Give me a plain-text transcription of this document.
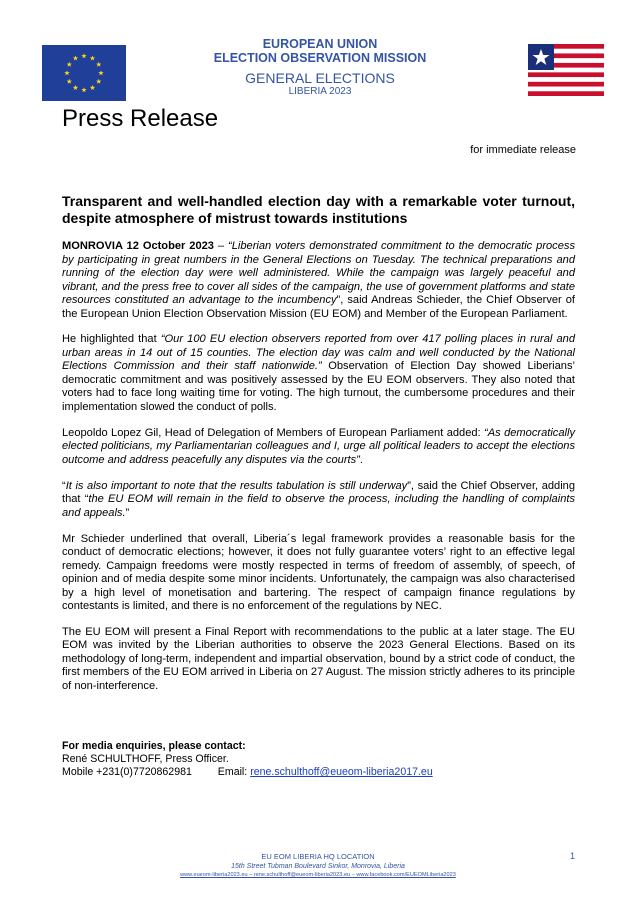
EUROPEAN UNION
ELECTION OBSERVATION MISSION
GENERAL ELECTIONS
LIBERIA 2023
Press Release
for immediate release
Transparent and well-handled election day with a remarkable voter turnout, despite atmosphere of mistrust towards institutions

MONROVIA 12 October 2023 – “Liberian voters demonstrated commitment to the democratic process by participating in great numbers in the General Elections on Tuesday. The technical preparations and running of the election day were well administered. While the campaign was largely peaceful and vibrant, and the press free to cover all sides of the campaign, the use of government platforms and state resources constituted an advantage to the incumbency”, said Andreas Schieder, the Chief Observer of the European Union Election Observation Mission (EU EOM) and Member of the European Parliament.

He highlighted that “Our 100 EU election observers reported from over 417 polling places in rural and urban areas in 14 out of 15 counties. The election day was calm and well conducted by the National Elections Commission and their staff nationwide.” Observation of Election Day showed Liberians’ democratic commitment and was positively assessed by the EU EOM observers. They also noted that voters had to face long waiting time for voting. The high turnout, the cumbersome procedures and their implementation slowed the conduct of polls.

Leopoldo Lopez Gil, Head of Delegation of Members of European Parliament added: “As democratically elected politicians, my Parliamentarian colleagues and I, urge all political leaders to accept the elections outcome and address peacefully any disputes via the courts”.

“It is also important to note that the results tabulation is still underway”, said the Chief Observer, adding that “the EU EOM will remain in the field to observe the process, including the handling of complaints and appeals.”

Mr Schieder underlined that overall, Liberia´s legal framework provides a reasonable basis for the conduct of democratic elections; however, it does not fully guarantee voters’ right to an effective legal remedy. Campaign freedoms were mostly respected in terms of freedom of assembly, of speech, of opinion and of media despite some minor incidents. Unfortunately, the campaign was also characterised by a high level of monetisation and bartering. The respect of campaign finance regulations by contestants is limited, and there is no enforcement of the regulations by NEC.

The EU EOM will present a Final Report with recommendations to the public at a later stage. The EU EOM was invited by the Liberian authorities to observe the 2023 General Elections. Based on its methodology of long-term, independent and impartial observation, bound by a strict code of conduct, the first members of the EU EOM arrived in Liberia on 27 August. The mission strictly adheres to its principle of non-interference.

For media enquiries, please contact:
René SCHULTHOFF, Press Officer.
Mobile +231(0)7720862981 Email: rene.schulthoff@eueom-liberia2017.eu
EU EOM LIBERIA HQ LOCATION
15th Street Tubman Boulevard Sinkor, Monrovia, Liberia
www.eueom-liberia2023.eu – rene.schulthoff@eueom-liberia2023.eu – www.facebook.com/EUEOMLiberia2023
1
